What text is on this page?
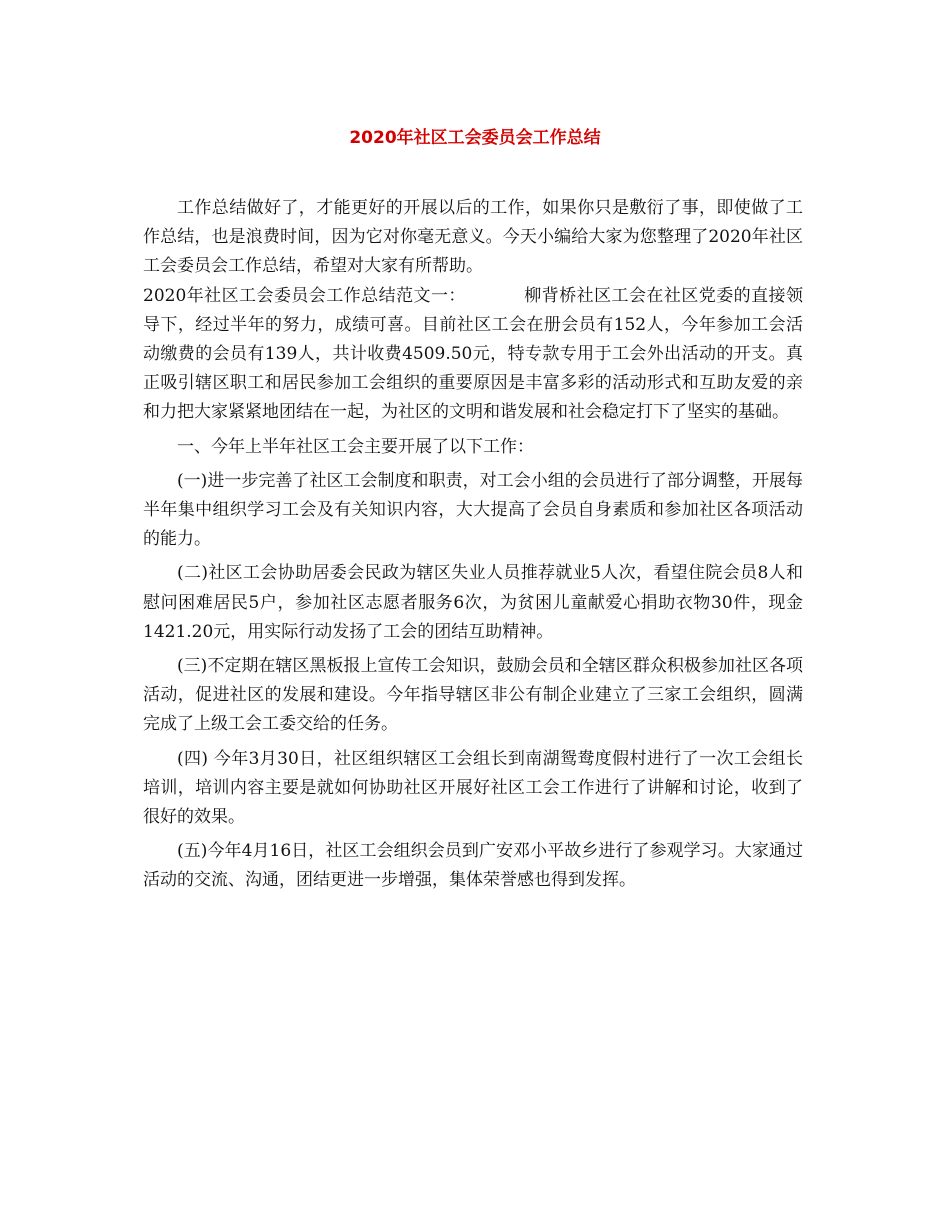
2020年社区工会委员会工作总结

工作总结做好了，才能更好的开展以后的工作，如果你只是敷衍了事，即使做了工作总结，也是浪费时间，因为它对你毫无意义。今天小编给大家为您整理了2020年社区工会委员会工作总结，希望对大家有所帮助。

2020年社区工会委员会工作总结范文一：	柳背桥社区工会在社区党委的直接领导下，经过半年的努力，成绩可喜。目前社区工会在册会员有152人，今年参加工会活动缴费的会员有139人，共计收费4509.50元，特专款专用于工会外出活动的开支。真正吸引辖区职工和居民参加工会组织的重要原因是丰富多彩的活动形式和互助友爱的亲和力把大家紧紧地团结在一起，为社区的文明和谐发展和社会稳定打下了坚实的基础。

一、今年上半年社区工会主要开展了以下工作：

(一)进一步完善了社区工会制度和职责，对工会小组的会员进行了部分调整，开展每半年集中组织学习工会及有关知识内容，大大提高了会员自身素质和参加社区各项活动的能力。

(二)社区工会协助居委会民政为辖区失业人员推荐就业5人次，看望住院会员8人和慰问困难居民5户，参加社区志愿者服务6次，为贫困儿童献爱心捐助衣物30件，现金1421.20元，用实际行动发扬了工会的团结互助精神。

(三)不定期在辖区黑板报上宣传工会知识，鼓励会员和全辖区群众积极参加社区各项活动，促进社区的发展和建设。今年指导辖区非公有制企业建立了三家工会组织，圆满完成了上级工会工委交给的任务。

(四) 今年3月30日，社区组织辖区工会组长到南湖鸳鸯度假村进行了一次工会组长培训，培训内容主要是就如何协助社区开展好社区工会工作进行了讲解和讨论，收到了很好的效果。

(五)今年4月16日，社区工会组织会员到广安邓小平故乡进行了参观学习。大家通过活动的交流、沟通，团结更进一步增强，集体荣誉感也得到发挥。
